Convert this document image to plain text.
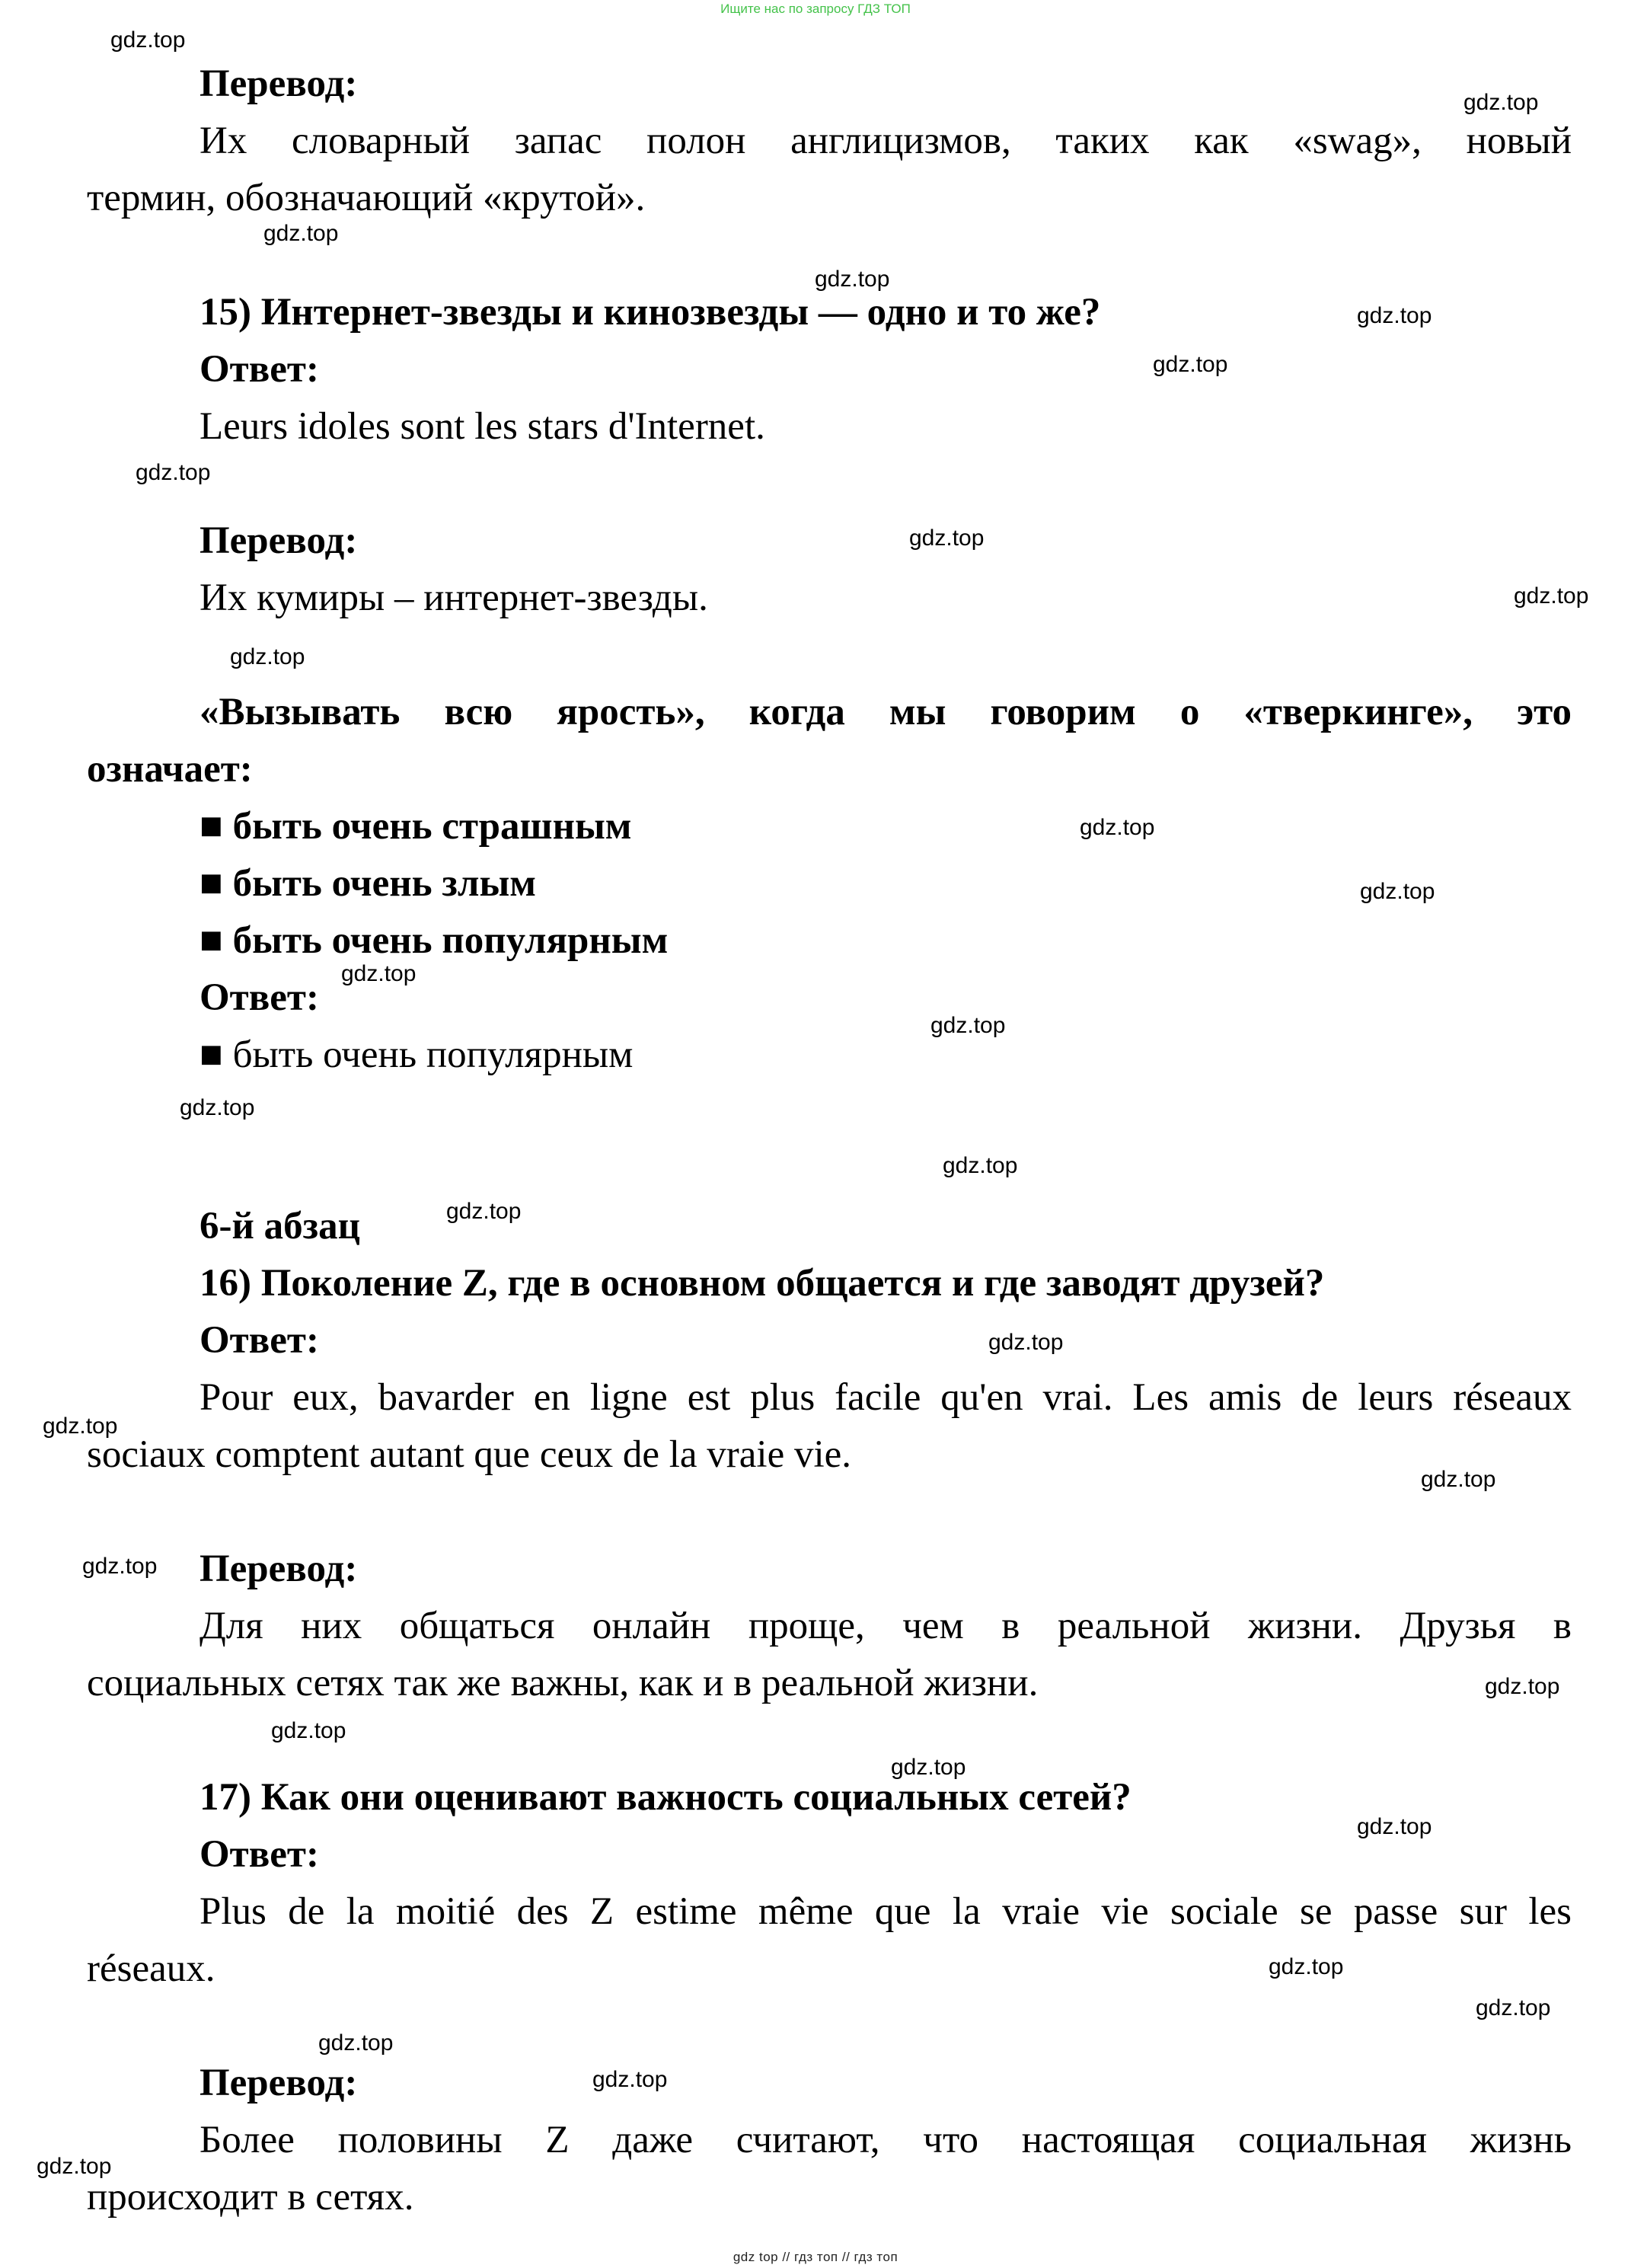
Ищите нас по запросу ГДЗ ТОП
gdz.top
gdz.top
gdz.top
gdz.top
gdz.top
gdz.top
gdz.top
gdz.top
gdz.top
gdz.top
gdz.top
gdz.top
gdz.top
gdz.top
gdz.top
gdz.top
gdz.top
gdz.top
gdz.top
gdz.top
gdz.top
gdz.top
gdz.top
gdz.top
gdz.top
gdz.top
gdz.top
gdz.top
gdz.top
gdz.top
Перевод:
Их словарный запас полон англицизмов, таких как «swag», новый
термин, обозначающий «крутой».
15) Интернет-звезды и кинозвезды — одно и то же?
Ответ:
Leurs idoles sont les stars d'Internet.
Перевод:
Их кумиры – интернет-звезды.
«Вызывать всю ярость», когда мы говорим о «тверкинге», это
означает:
■ быть очень страшным
■ быть очень злым
■ быть очень популярным
Ответ:
■ быть очень популярным
6-й абзац
16) Поколение Z, где в основном общается и где заводят друзей?
Ответ:
Pour eux, bavarder en ligne est plus facile qu'en vrai. Les amis de leurs réseaux
sociaux comptent autant que ceux de la vraie vie.
Перевод:
Для них общаться онлайн проще, чем в реальной жизни. Друзья в
социальных сетях так же важны, как и в реальной жизни.
17) Как они оценивают важность социальных сетей?
Ответ:
Plus de la moitié des Z estime même que la vraie vie sociale se passe sur les
réseaux.
Перевод:
Более половины Z даже считают, что настоящая социальная жизнь
происходит в сетях.
gdz top // гдз топ // гдз топ
